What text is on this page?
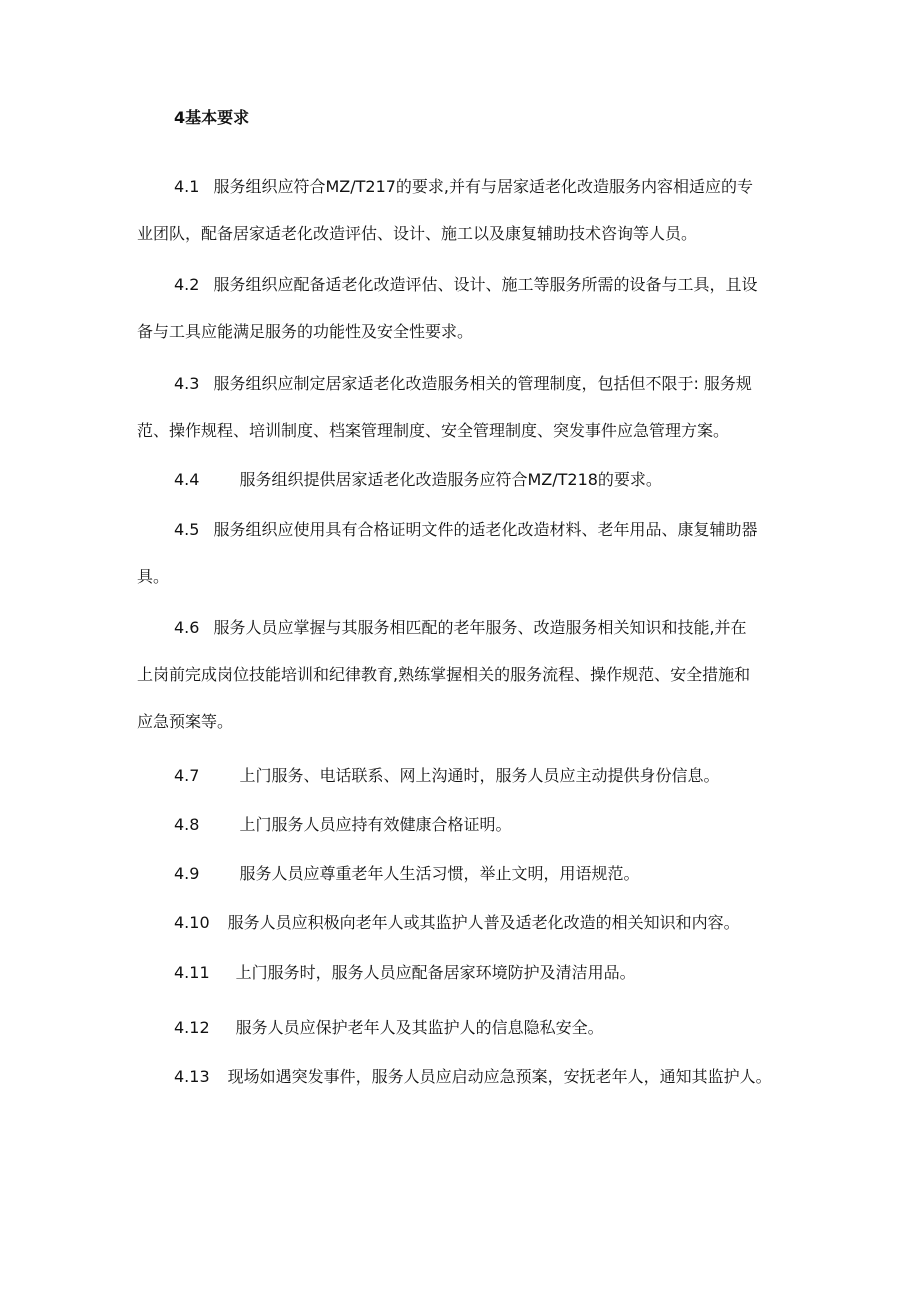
4基本要求
4.1 服务组织应符合MZ/T217的要求,并有与居家适老化改造服务内容相适应的专
业团队，配备居家适老化改造评估、设计、施工以及康复辅助技术咨询等人员。
4.2 服务组织应配备适老化改造评估、设计、施工等服务所需的设备与工具，且设
备与工具应能满足服务的功能性及安全性要求。
4.3 服务组织应制定居家适老化改造服务相关的管理制度，包括但不限于: 服务规
范、操作规程、培训制度、档案管理制度、安全管理制度、突发事件应急管理方案。
4.4	服务组织提供居家适老化改造服务应符合MZ/T218的要求。
4.5 服务组织应使用具有合格证明文件的适老化改造材料、老年用品、康复辅助器
具。
4.6 服务人员应掌握与其服务相匹配的老年服务、改造服务相关知识和技能,并在
上岗前完成岗位技能培训和纪律教育,熟练掌握相关的服务流程、操作规范、安全措施和
应急预案等。
4.7	上门服务、电话联系、网上沟通时，服务人员应主动提供身份信息。
4.8	上门服务人员应持有效健康合格证明。
4.9	服务人员应尊重老年人生活习惯，举止文明，用语规范。
4.10 服务人员应积极向老年人或其监护人普及适老化改造的相关知识和内容。
4.11 上门服务时，服务人员应配备居家环境防护及清洁用品。
4.12 服务人员应保护老年人及其监护人的信息隐私安全。
4.13 现场如遇突发事件，服务人员应启动应急预案，安抚老年人，通知其监护人。
